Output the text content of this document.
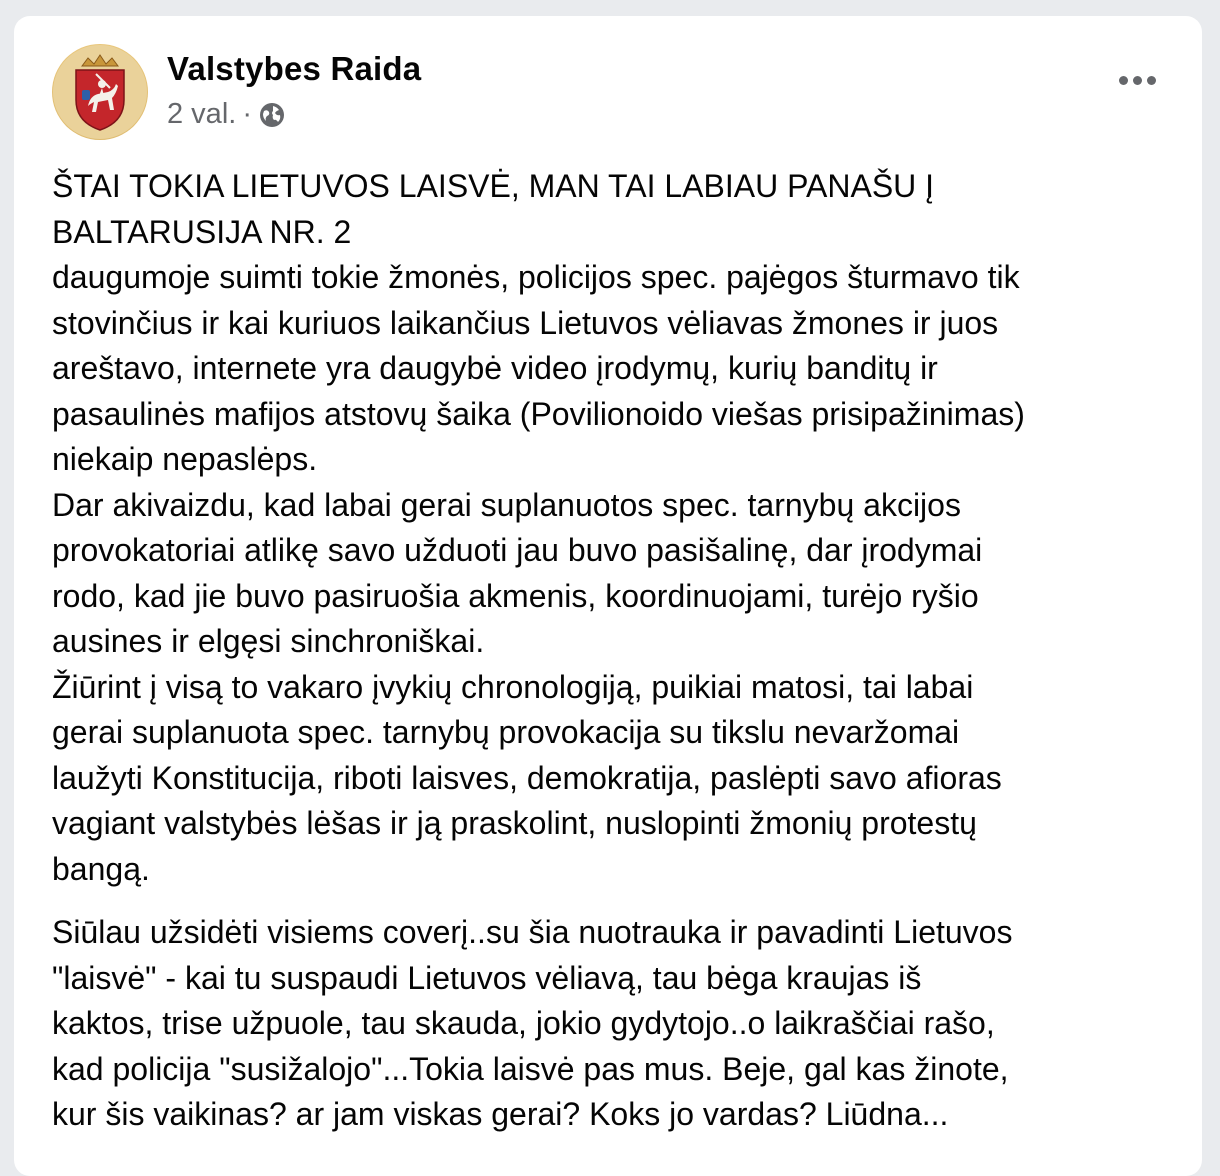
Valstybes Raida
2 val. ·

ŠTAI TOKIA LIETUVOS LAISVĖ, MAN TAI LABIAU PANAŠU Į
BALTARUSIJA NR. 2
daugumoje suimti tokie žmonės, policijos spec. pajėgos šturmavo tik
stovinčius ir kai kuriuos laikančius Lietuvos vėliavas žmones ir juos
areštavo, internete yra daugybė video įrodymų, kurių banditų ir
pasaulinės mafijos atstovų šaika (Povilionoido viešas prisipažinimas)
niekaip nepaslėps.
Dar akivaizdu, kad labai gerai suplanuotos spec. tarnybų akcijos
provokatoriai atlikę savo užduoti jau buvo pasišalinę, dar įrodymai
rodo, kad jie buvo pasiruošia akmenis, koordinuojami, turėjo ryšio
ausines ir elgęsi sinchroniškai.
Žiūrint į visą to vakaro įvykių chronologiją, puikiai matosi, tai labai
gerai suplanuota spec. tarnybų provokacija su tikslu nevaržomai
laužyti Konstitucija, riboti laisves, demokratija, paslėpti savo afioras
vagiant valstybės lėšas ir ją praskolint, nuslopinti žmonių protestų
bangą.

Siūlau užsidėti visiems coverį..su šia nuotrauka ir pavadinti Lietuvos
"laisvė" - kai tu suspaudi Lietuvos vėliavą, tau bėga kraujas iš
kaktos, trise užpuole, tau skauda, jokio gydytojo..o laikraščiai rašo,
kad policija "susižalojo"...Tokia laisvė pas mus. Beje, gal kas žinote,
kur šis vaikinas? ar jam viskas gerai? Koks jo vardas? Liūdna...
